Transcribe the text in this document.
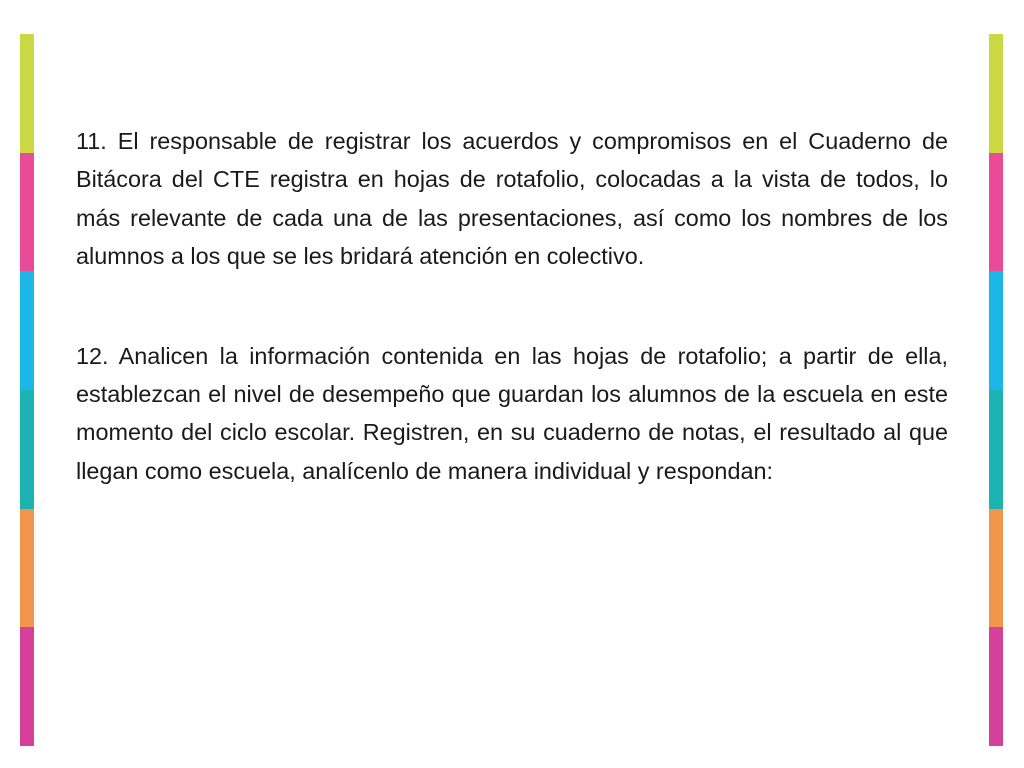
11. El responsable de registrar los acuerdos y compromisos en el Cuaderno de Bitácora del CTE registra en hojas de rotafolio, colocadas a la vista de todos, lo más relevante de cada una de las presentaciones, así como los nombres de los alumnos a los que se les bridará atención en colectivo.

12. Analicen la información contenida en las hojas de rotafolio; a partir de ella, establezcan el nivel de desempeño que guardan los alumnos de la escuela en este momento del ciclo escolar. Registren, en su cuaderno de notas, el resultado al que llegan como escuela, analícenlo de manera individual y respondan:
